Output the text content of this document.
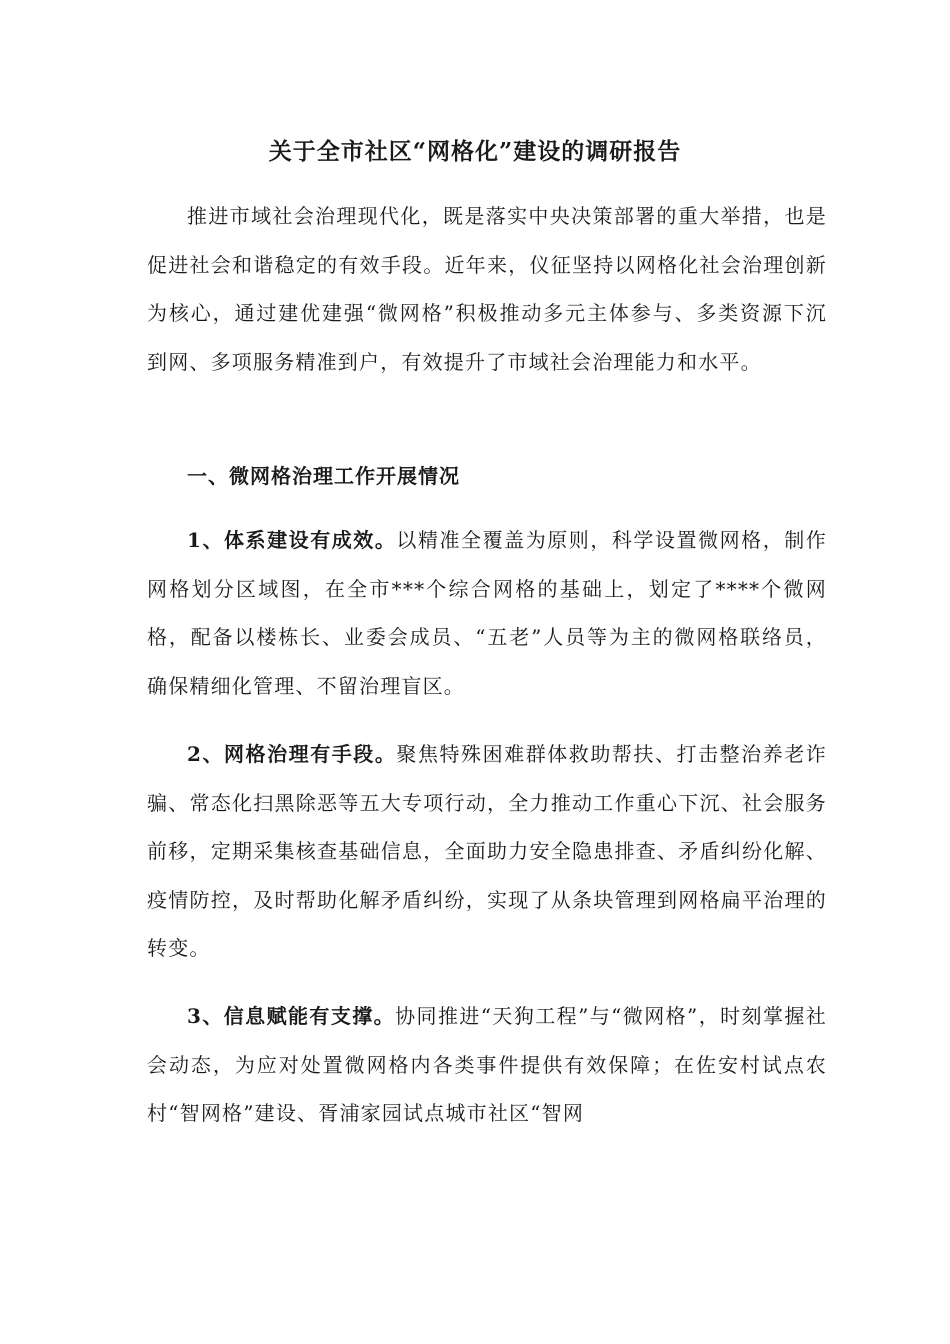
关于全市社区“网格化”建设的调研报告

推进市域社会治理现代化，既是落实中央决策部署的重大举措，也是促进社会和谐稳定的有效手段。近年来，仪征坚持以网格化社会治理创新为核心，通过建优建强“微网格”积极推动多元主体参与、多类资源下沉到网、多项服务精准到户，有效提升了市域社会治理能力和水平。

一、微网格治理工作开展情况

1、体系建设有成效。以精准全覆盖为原则，科学设置微网格，制作网格划分区域图，在全市***个综合网格的基础上，划定了****个微网格，配备以楼栋长、业委会成员、“五老”人员等为主的微网格联络员，确保精细化管理、不留治理盲区。

2、网格治理有手段。聚焦特殊困难群体救助帮扶、打击整治养老诈骗、常态化扫黑除恶等五大专项行动，全力推动工作重心下沉、社会服务前移，定期采集核查基础信息，全面助力安全隐患排查、矛盾纠纷化解、疫情防控，及时帮助化解矛盾纠纷，实现了从条块管理到网格扁平治理的转变。

3、信息赋能有支撑。协同推进“天狗工程”与“微网格”，时刻掌握社会动态，为应对处置微网格内各类事件提供有效保障；在佐安村试点农村“智网格”建设、胥浦家园试点城市社区“智网
